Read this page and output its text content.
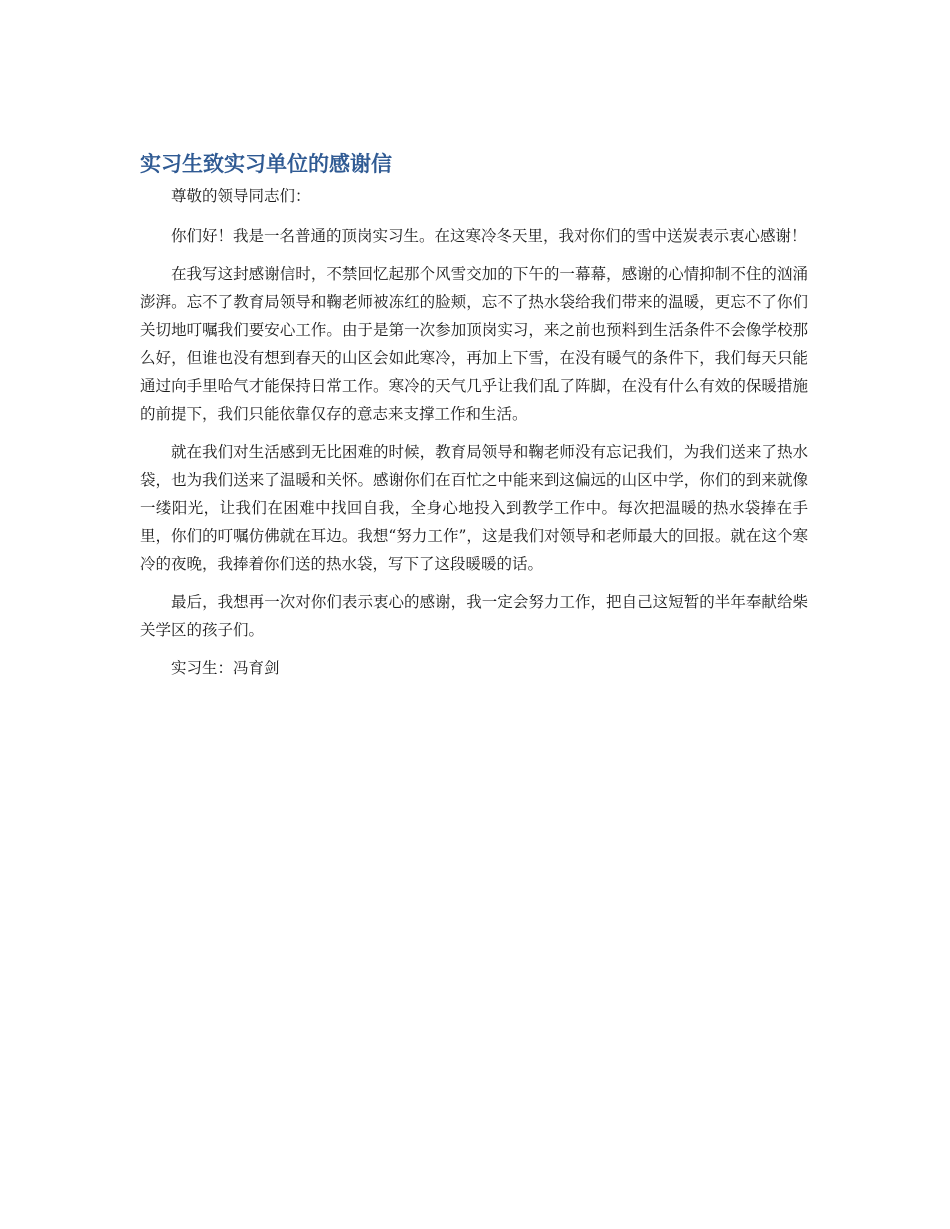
实习生致实习单位的感谢信

尊敬的领导同志们：

你们好！我是一名普通的顶岗实习生。在这寒冷冬天里，我对你们的雪中送炭表示衷心感谢！

在我写这封感谢信时，不禁回忆起那个风雪交加的下午的一幕幕，感谢的心情抑制不住的汹涌澎湃。忘不了教育局领导和鞠老师被冻红的脸颊，忘不了热水袋给我们带来的温暖，更忘不了你们关切地叮嘱我们要安心工作。由于是第一次参加顶岗实习，来之前也预料到生活条件不会像学校那么好，但谁也没有想到春天的山区会如此寒冷，再加上下雪，在没有暖气的条件下，我们每天只能通过向手里哈气才能保持日常工作。寒冷的天气几乎让我们乱了阵脚，在没有什么有效的保暖措施的前提下，我们只能依靠仅存的意志来支撑工作和生活。

就在我们对生活感到无比困难的时候，教育局领导和鞠老师没有忘记我们，为我们送来了热水袋，也为我们送来了温暖和关怀。感谢你们在百忙之中能来到这偏远的山区中学，你们的到来就像一缕阳光，让我们在困难中找回自我，全身心地投入到教学工作中。每次把温暖的热水袋捧在手里，你们的叮嘱仿佛就在耳边。我想“努力工作”，这是我们对领导和老师最大的回报。就在这个寒冷的夜晚，我捧着你们送的热水袋，写下了这段暖暖的话。

最后，我想再一次对你们表示衷心的感谢，我一定会努力工作，把自己这短暂的半年奉献给柴关学区的孩子们。

实习生：冯育剑
